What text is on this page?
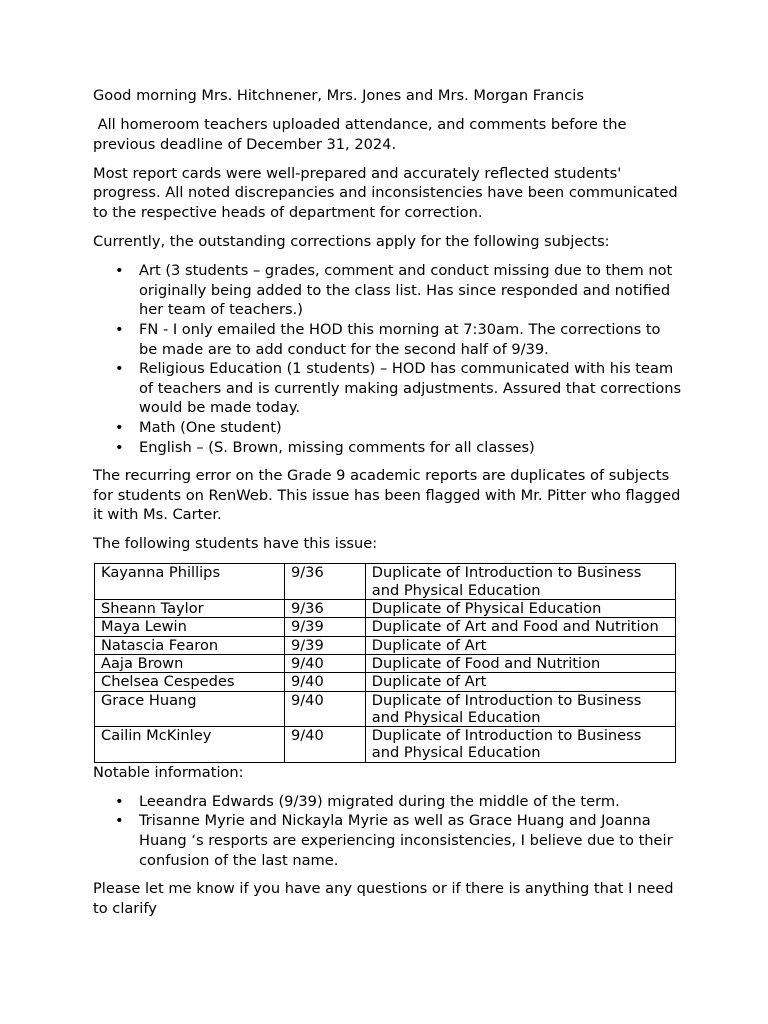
Good morning Mrs. Hitchnener, Mrs. Jones and Mrs. Morgan Francis

All homeroom teachers uploaded attendance, and comments before the previous deadline of December 31, 2024.

Most report cards were well-prepared and accurately reflected students' progress. All noted discrepancies and inconsistencies have been communicated to the respective heads of department for correction.

Currently, the outstanding corrections apply for the following subjects:

• Art (3 students – grades, comment and conduct missing due to them not originally being added to the class list. Has since responded and notified her team of teachers.)
• FN - I only emailed the HOD this morning at 7:30am. The corrections to be made are to add conduct for the second half of 9/39.
• Religious Education (1 students) – HOD has communicated with his team of teachers and is currently making adjustments. Assured that corrections would be made today.
• Math (One student)
• English – (S. Brown, missing comments for all classes)

The recurring error on the Grade 9 academic reports are duplicates of subjects for students on RenWeb. This issue has been flagged with Mr. Pitter who flagged it with Ms. Carter.

The following students have this issue:

Kayanna Phillips	9/36	Duplicate of Introduction to Business and Physical Education
Sheann Taylor	9/36	Duplicate of Physical Education
Maya Lewin	9/39	Duplicate of Art and Food and Nutrition
Natascia Fearon	9/39	Duplicate of Art
Aaja Brown	9/40	Duplicate of Food and Nutrition
Chelsea Cespedes	9/40	Duplicate of Art
Grace Huang	9/40	Duplicate of Introduction to Business and Physical Education
Cailin McKinley	9/40	Duplicate of Introduction to Business and Physical Education

Notable information:

• Leeandra Edwards (9/39) migrated during the middle of the term.
• Trisanne Myrie and Nickayla Myrie as well as Grace Huang and Joanna Huang ‘s resports are experiencing inconsistencies, I believe due to their confusion of the last name.

Please let me know if you have any questions or if there is anything that I need to clarify
